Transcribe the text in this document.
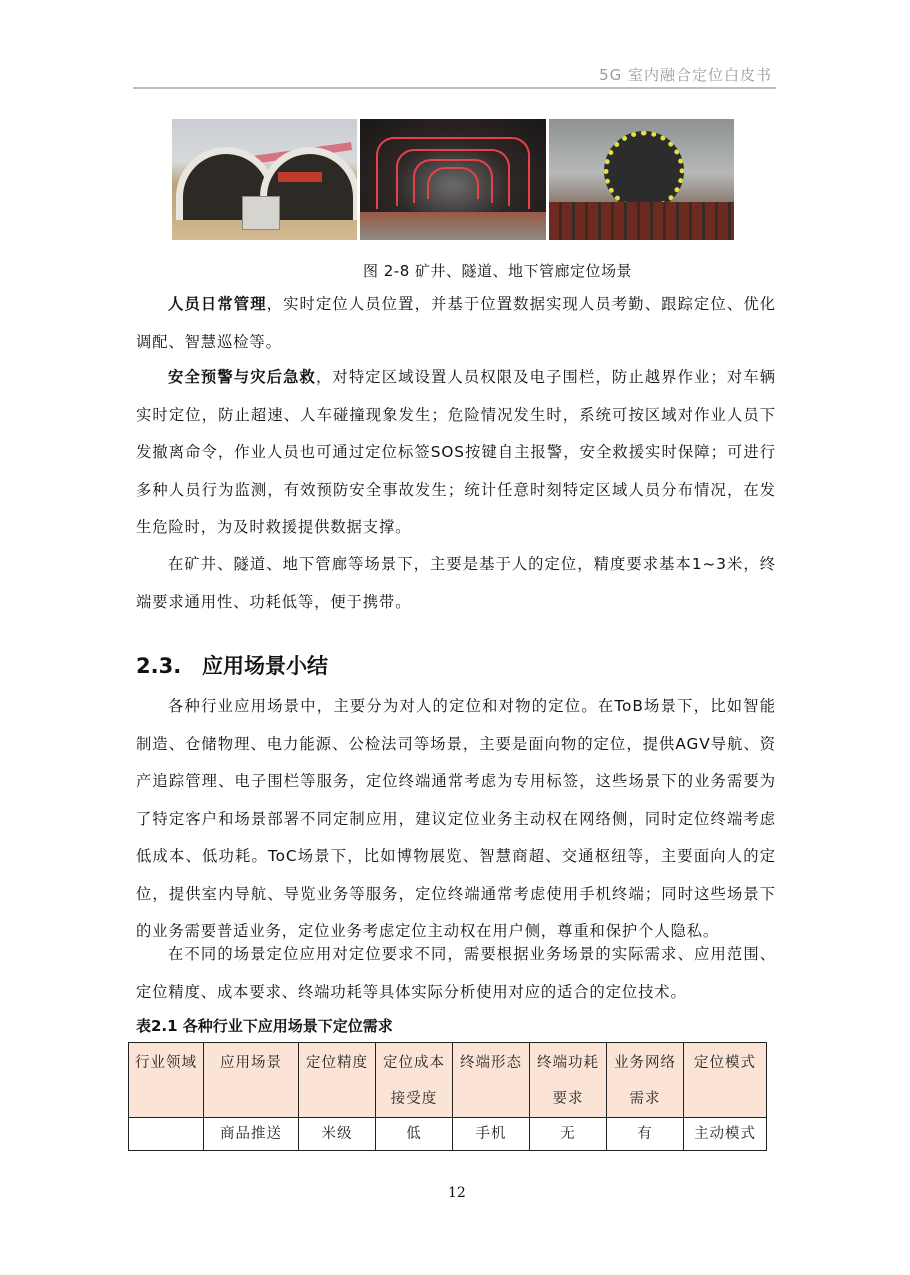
5G 室内融合定位白皮书
图 2-8 矿井、隧道、地下管廊定位场景
人员日常管理，实时定位人员位置，并基于位置数据实现人员考勤、跟踪定位、优化调配、智慧巡检等。
安全预警与灾后急救，对特定区域设置人员权限及电子围栏，防止越界作业；对车辆实时定位，防止超速、人车碰撞现象发生；危险情况发生时，系统可按区域对作业人员下发撤离命令，作业人员也可通过定位标签SOS按键自主报警，安全救援实时保障；可进行多种人员行为监测，有效预防安全事故发生；统计任意时刻特定区域人员分布情况，在发生危险时，为及时救援提供数据支撑。
在矿井、隧道、地下管廊等场景下，主要是基于人的定位，精度要求基本1~3米，终端要求通用性、功耗低等，便于携带。
2.3. 应用场景小结
各种行业应用场景中，主要分为对人的定位和对物的定位。在ToB场景下，比如智能制造、仓储物理、电力能源、公检法司等场景，主要是面向物的定位，提供AGV导航、资产追踪管理、电子围栏等服务，定位终端通常考虑为专用标签，这些场景下的业务需要为了特定客户和场景部署不同定制应用，建议定位业务主动权在网络侧，同时定位终端考虑低成本、低功耗。ToC场景下，比如博物展览、智慧商超、交通枢纽等，主要面向人的定位，提供室内导航、导览业务等服务，定位终端通常考虑使用手机终端；同时这些场景下的业务需要普适业务，定位业务考虑定位主动权在用户侧，尊重和保护个人隐私。
在不同的场景定位应用对定位要求不同，需要根据业务场景的实际需求、应用范围、定位精度、成本要求、终端功耗等具体实际分析使用对应的适合的定位技术。
表2.1 各种行业下应用场景下定位需求
行业领域	应用场景	定位精度	定位成本接受度	终端形态	终端功耗要求	业务网络需求	定位模式
	商品推送	米级	低	手机	无	有	主动模式
12
